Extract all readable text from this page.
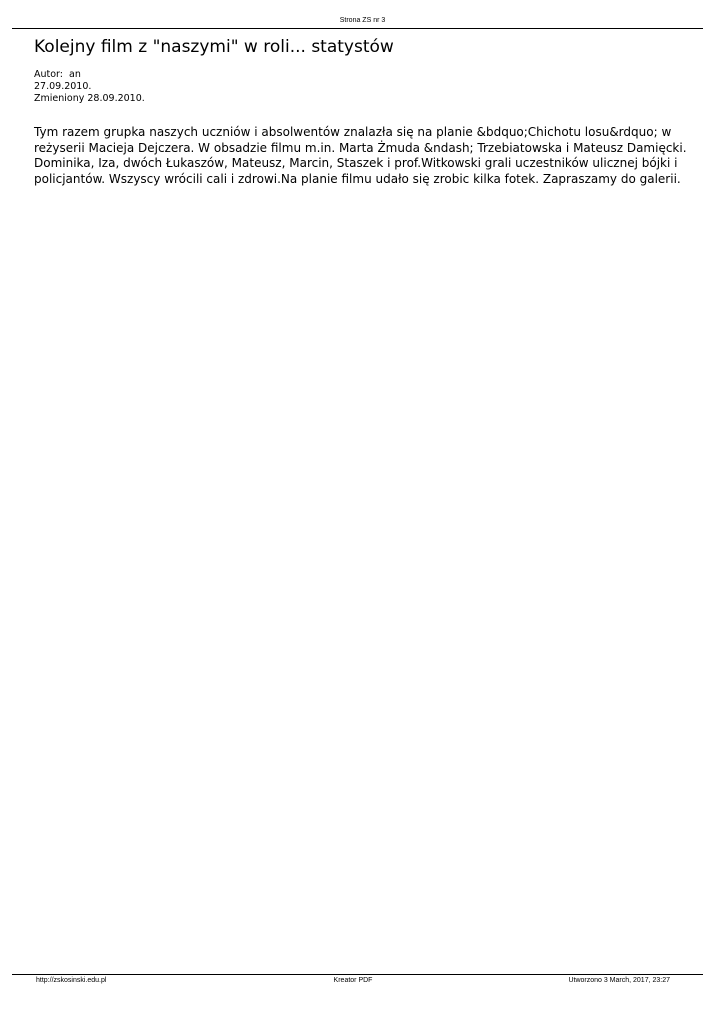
Strona ZS nr 3
Kolejny film z "naszymi" w roli... statystów
Autor: an
27.09.2010.
Zmieniony 28.09.2010.

Tym razem grupka naszych uczniów i absolwentów znalazła się na planie &bdquo;Chichotu losu&rdquo; w reżyserii Macieja Dejczera. W obsadzie filmu m.in. Marta Żmuda &ndash; Trzebiatowska i Mateusz Damięcki. Dominika, Iza, dwóch Łukaszów, Mateusz, Marcin, Staszek i prof.Witkowski grali uczestników ulicznej bójki i policjantów. Wszyscy wrócili cali i zdrowi.Na planie filmu udało się zrobic kilka fotek. Zapraszamy do galerii.

http://zskosinski.edu.pl	Kreator PDF	Utworzono 3 March, 2017, 23:27
